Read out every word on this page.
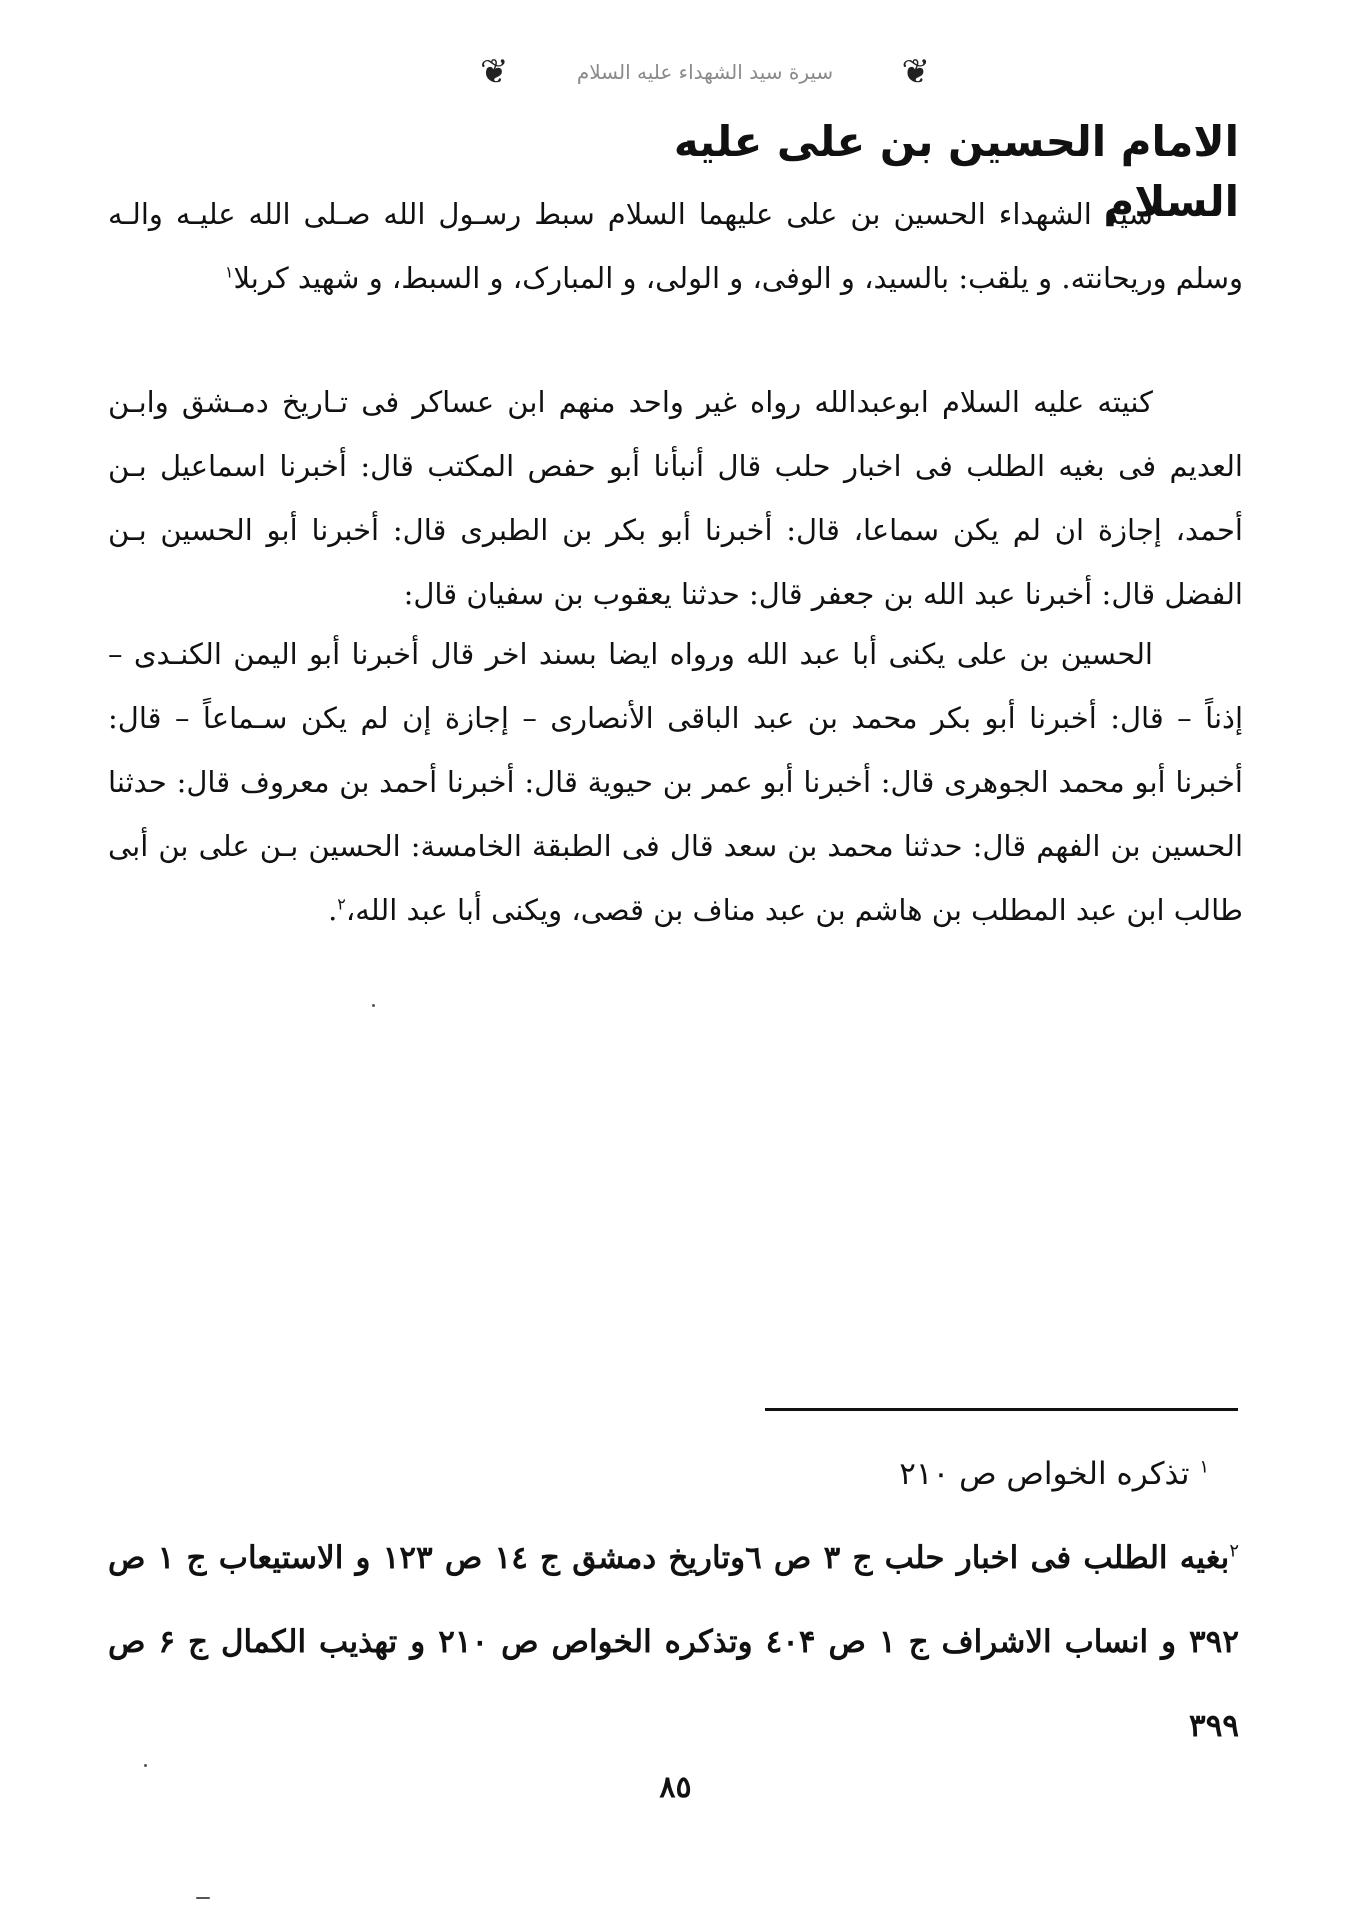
❦	سيرة سيد الشهداء عليه السلام	❦
الامام الحسين بن على عليه السلام

سيد الشهداء الحسين بن على عليهما السلام سبط رسـول الله صـلى الله عليـه والـه وسلم وريحانته. و يلقب: بالسيد، و الوفى، و الولى، و المبارک، و السبط، و شهيد کربلا$^١$

كنيته عليه السلام ابوعبدالله رواه غير واحد منهم ابن عساكر فى تـاريخ دمـشق وابـن العديم فى بغيه الطلب فى اخبار حلب قال أنبأنا أبو حفص المكتب قال: أخبرنا اسماعيل بـن أحمد، إجازة ان لم يكن سماعا، قال: أخبرنا أبو بكر بن الطبرى قال: أخبرنا أبو الحسين بـن الفضل قال: أخبرنا عبد الله بن جعفر قال: حدثنا يعقوب بن سفيان قال:

الحسين بن على يكنى أبا عبد الله ورواه ايضا بسند اخر قال أخبرنا أبو اليمن الكنـدى – إذناً – قال: أخبرنا أبو بكر محمد بن عبد الباقى الأنصارى – إجازة إن لم يكن سـماعاً – قال: أخبرنا أبو محمد الجوهرى قال: أخبرنا أبو عمر بن حيوية قال: أخبرنا أحمد بن معروف قال: حدثنا الحسين بن الفهم قال: حدثنا محمد بن سعد قال فى الطبقة الخامسة: الحسين بـن على بن أبى طالب ابن عبد المطلب بن هاشم بن عبد مناف بن قصى، ويكنى أبا عبد الله،$^٢$.

$^١$ تذكره الخواص ص ٢١٠
$^٢$بغيه الطلب فى اخبار حلب ج ٣ ص ٦وتاريخ دمشق ج ١٤ ص ١٢٣ و الاستيعاب ج ١ ص ٣٩٢ و انساب الاشراف ج ١ ص ٤٠۴ وتذكره الخواص ص ٢١٠ و تهذيب الكمال ج ۶ ص ٣٩٩
٨٥
